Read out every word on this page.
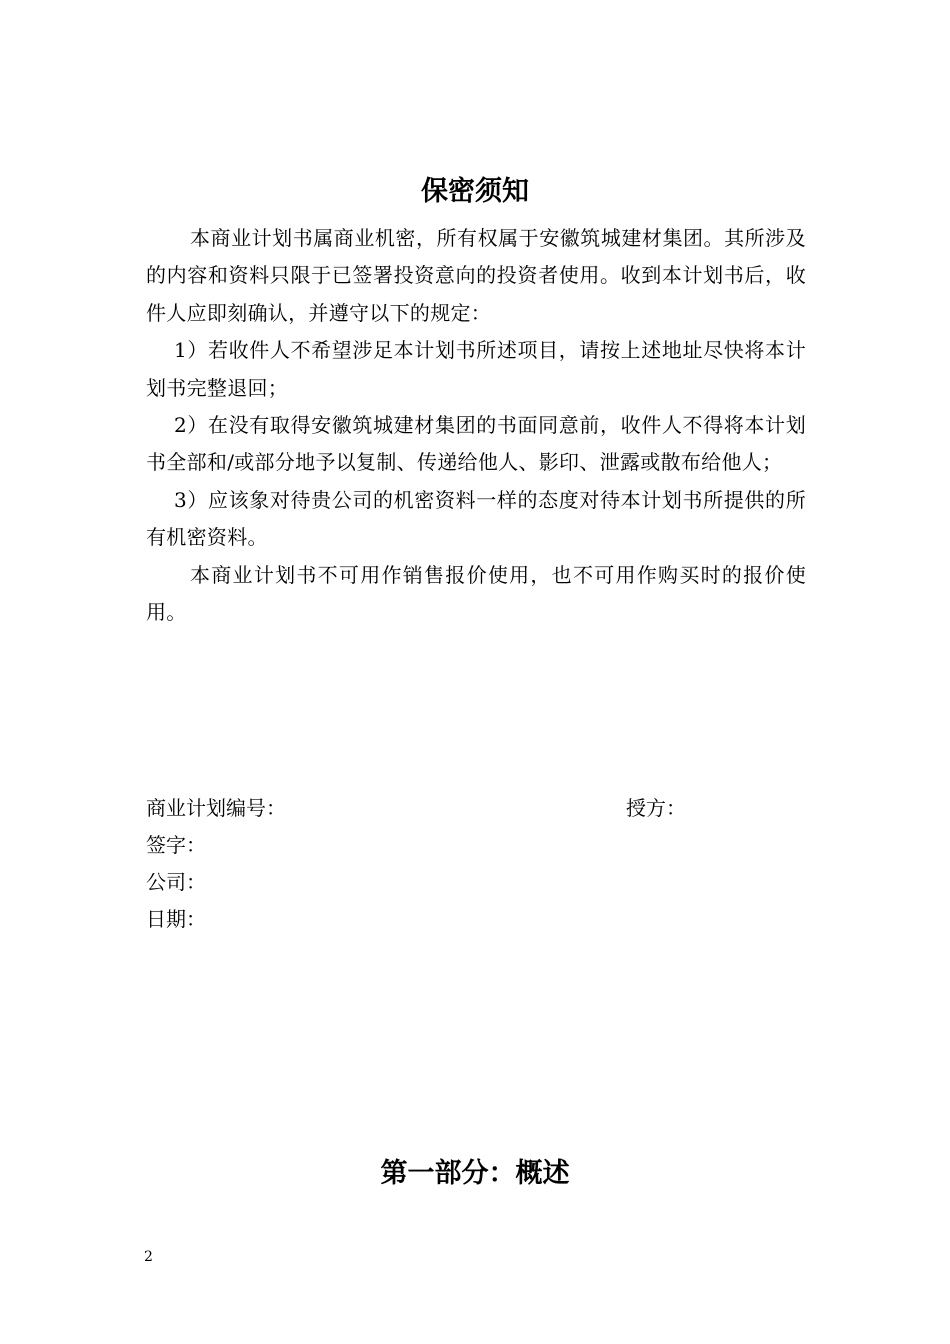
保密须知

本商业计划书属商业机密，所有权属于安徽筑城建材集团。其所涉及的内容和资料只限于已签署投资意向的投资者使用。收到本计划书后，收件人应即刻确认，并遵守以下的规定：

1）若收件人不希望涉足本计划书所述项目，请按上述地址尽快将本计划书完整退回；

2）在没有取得安徽筑城建材集团的书面同意前，收件人不得将本计划书全部和/或部分地予以复制、传递给他人、影印、泄露或散布给他人；

3）应该象对待贵公司的机密资料一样的态度对待本计划书所提供的所有机密资料。

本商业计划书不可用作销售报价使用，也不可用作购买时的报价使用。

商业计划编号：	授方：
签字：
公司：
日期：
第一部分：概述
2
